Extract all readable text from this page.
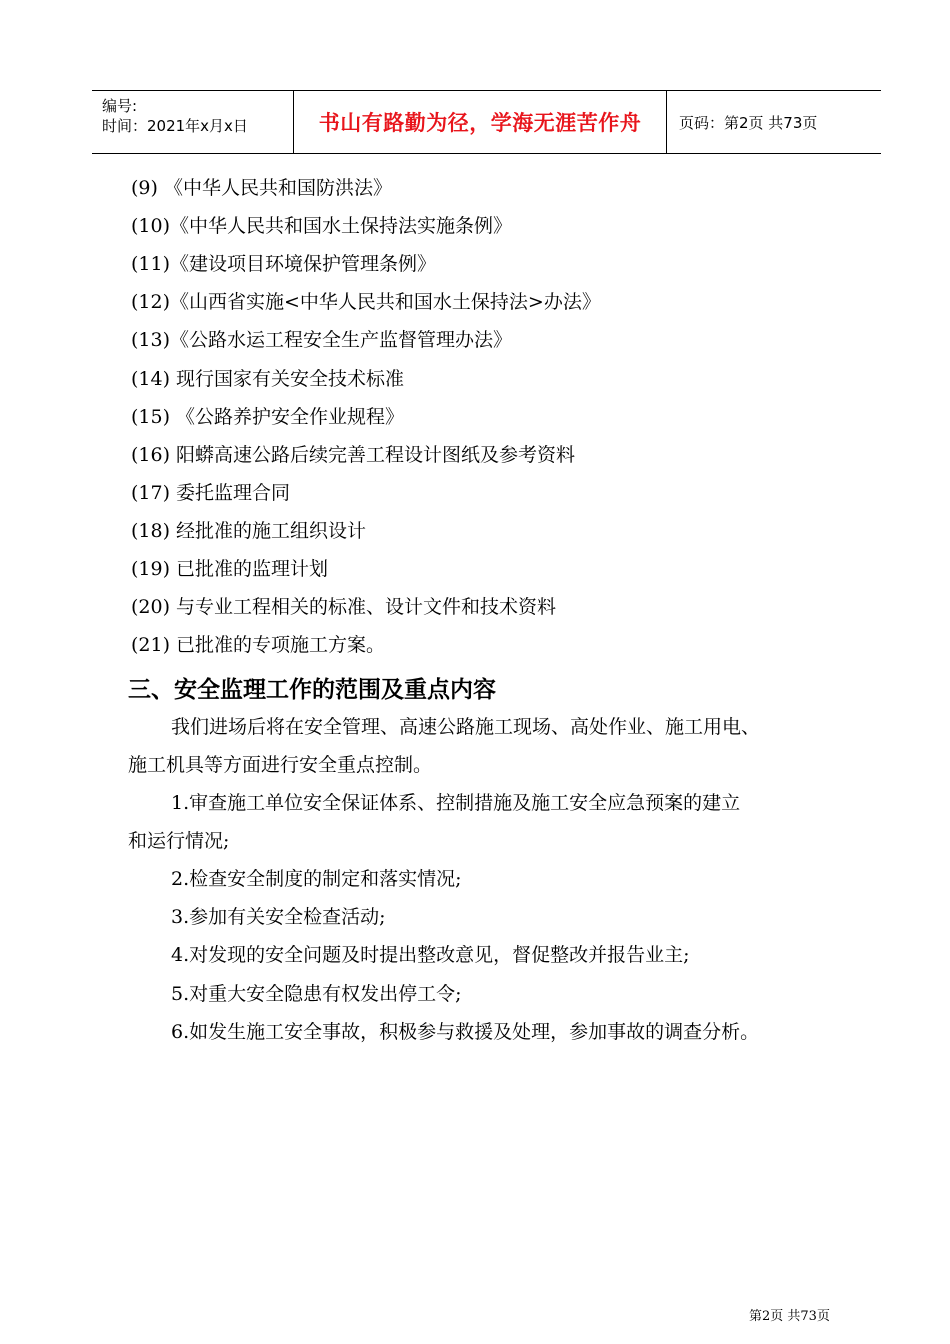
编号:
时间：2021年x月x日	书山有路勤为径，学海无涯苦作舟	页码：第2页 共73页
(9) 《中华人民共和国防洪法》
(10)《中华人民共和国水土保持法实施条例》
(11)《建设项目环境保护管理条例》
(12)《山西省实施<中华人民共和国水土保持法>办法》
(13)《公路水运工程安全生产监督管理办法》
(14) 现行国家有关安全技术标准
(15) 《公路养护安全作业规程》
(16) 阳蟒高速公路后续完善工程设计图纸及参考资料
(17) 委托监理合同
(18) 经批准的施工组织设计
(19) 已批准的监理计划
(20) 与专业工程相关的标准、设计文件和技术资料
(21) 已批准的专项施工方案。
三、安全监理工作的范围及重点内容
我们进场后将在安全管理、高速公路施工现场、高处作业、施工用电、
施工机具等方面进行安全重点控制。
1.审查施工单位安全保证体系、控制措施及施工安全应急预案的建立
和运行情况;
2.检查安全制度的制定和落实情况;
3.参加有关安全检查活动;
4.对发现的安全问题及时提出整改意见，督促整改并报告业主;
5.对重大安全隐患有权发出停工令;
6.如发生施工安全事故，积极参与救援及处理，参加事故的调查分析。
第2页 共73页
